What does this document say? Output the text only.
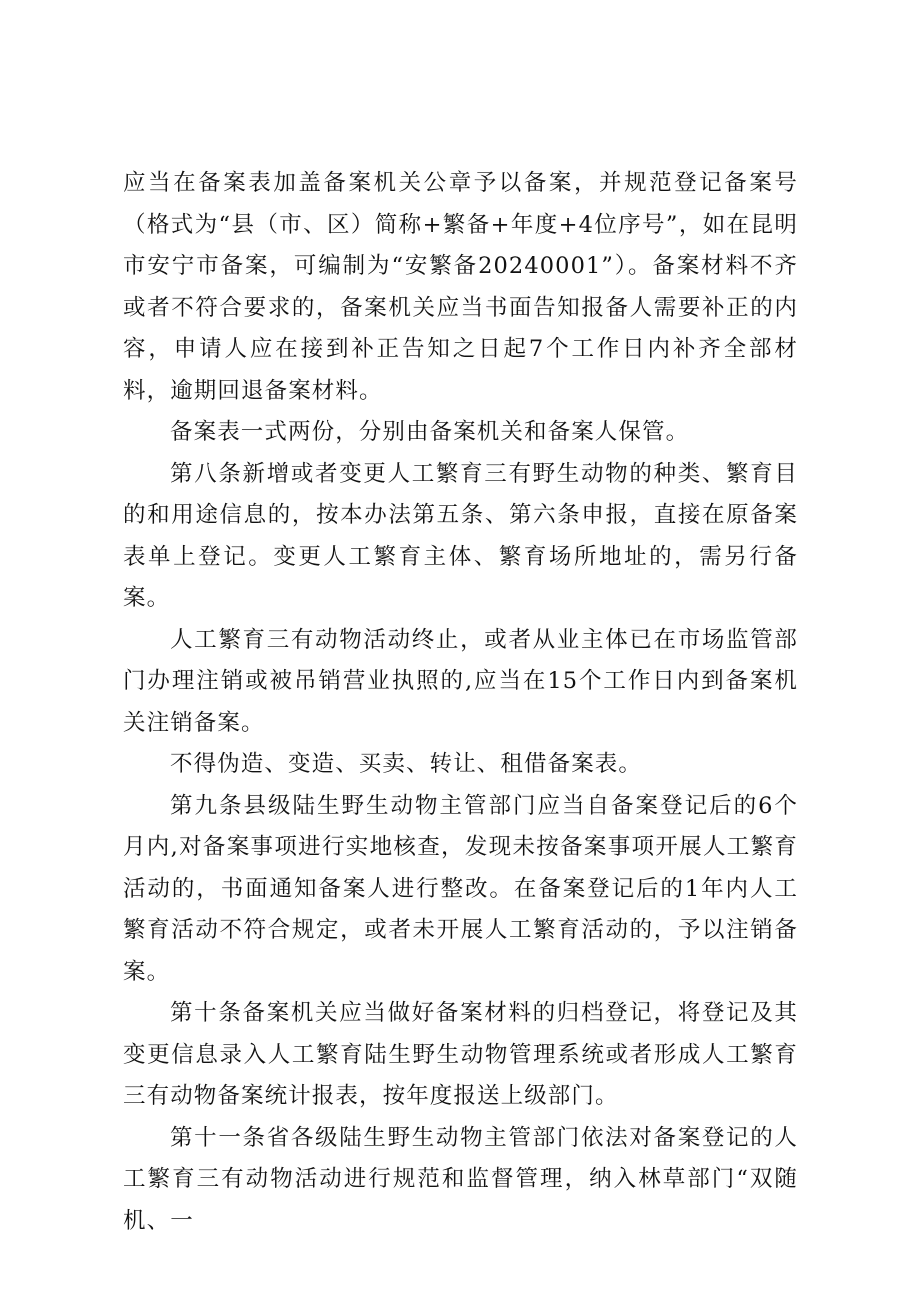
应当在备案表加盖备案机关公章予以备案，并规范登记备案号（格式为“县（市、区）简称+繁备+年度+4位序号”，如在昆明市安宁市备案，可编制为“安繁备20240001”）。备案材料不齐或者不符合要求的，备案机关应当书面告知报备人需要补正的内容，申请人应在接到补正告知之日起7个工作日内补齐全部材料，逾期回退备案材料。

备案表一式两份，分别由备案机关和备案人保管。

第八条新增或者变更人工繁育三有野生动物的种类、繁育目的和用途信息的，按本办法第五条、第六条申报，直接在原备案表单上登记。变更人工繁育主体、繁育场所地址的，需另行备案。

人工繁育三有动物活动终止，或者从业主体已在市场监管部门办理注销或被吊销营业执照的,应当在15个工作日内到备案机关注销备案。

不得伪造、变造、买卖、转让、租借备案表。

第九条县级陆生野生动物主管部门应当自备案登记后的6个月内,对备案事项进行实地核查，发现未按备案事项开展人工繁育活动的，书面通知备案人进行整改。在备案登记后的1年内人工繁育活动不符合规定，或者未开展人工繁育活动的，予以注销备案。

第十条备案机关应当做好备案材料的归档登记，将登记及其变更信息录入人工繁育陆生野生动物管理系统或者形成人工繁育三有动物备案统计报表，按年度报送上级部门。

第十一条省各级陆生野生动物主管部门依法对备案登记的人工繁育三有动物活动进行规范和监督管理，纳入林草部门“双随机、一
